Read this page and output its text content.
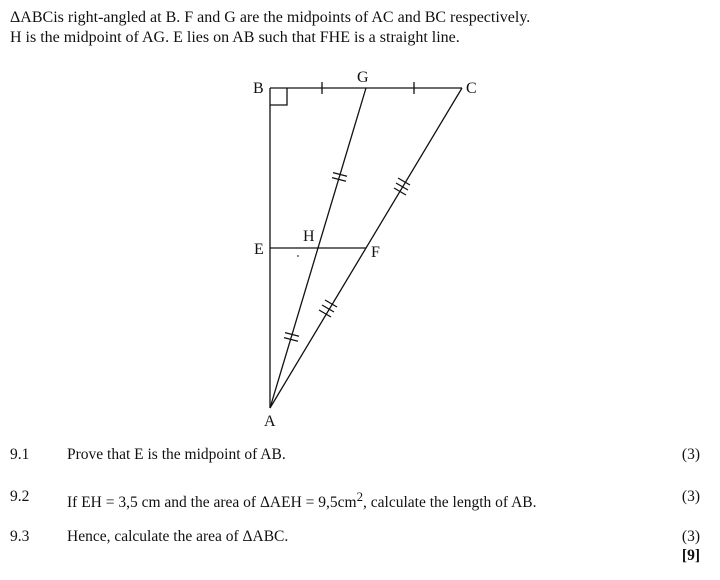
ΔABCis right-angled at B. F and G are the midpoints of AC and BC respectively.

H is the midpoint of AG. E lies on AB such that FHE is a straight line.

B
G
C
H
E	F
A
9.1 Prove that E is the midpoint of AB.	(3)
9.2 If EH = 3,5 cm and the area of $\Delta AEH = 9,5cm^2$, calculate the length of AB.	(3)
9.3 Hence, calculate the area of ΔABC.	(3)
[9]
